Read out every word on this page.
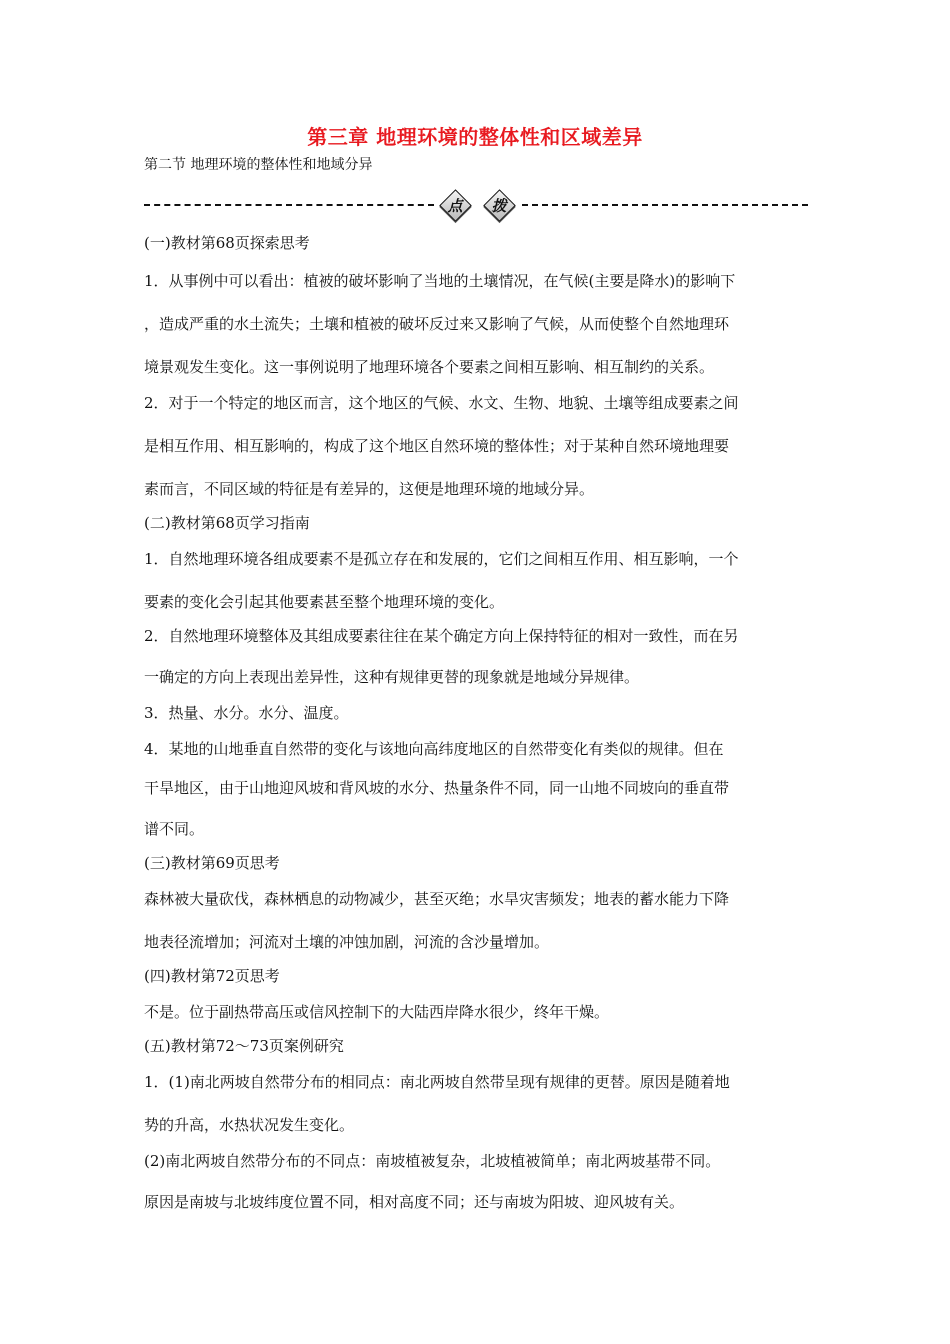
第三章 地理环境的整体性和区域差异
第二节 地理环境的整体性和地域分异
点	拨
(一)教材第68页探索思考
1．从事例中可以看出：植被的破坏影响了当地的土壤情况，在气候(主要是降水)的影响下
，造成严重的水土流失；土壤和植被的破坏反过来又影响了气候，从而使整个自然地理环
境景观发生变化。这一事例说明了地理环境各个要素之间相互影响、相互制约的关系。
2．对于一个特定的地区而言，这个地区的气候、水文、生物、地貌、土壤等组成要素之间
是相互作用、相互影响的，构成了这个地区自然环境的整体性；对于某种自然环境地理要
素而言，不同区域的特征是有差异的，这便是地理环境的地域分异。
(二)教材第68页学习指南
1．自然地理环境各组成要素不是孤立存在和发展的，它们之间相互作用、相互影响，一个
要素的变化会引起其他要素甚至整个地理环境的变化。
2．自然地理环境整体及其组成要素往往在某个确定方向上保持特征的相对一致性，而在另
一确定的方向上表现出差异性，这种有规律更替的现象就是地域分异规律。
3．热量、水分。水分、温度。
4．某地的山地垂直自然带的变化与该地向高纬度地区的自然带变化有类似的规律。但在
干旱地区，由于山地迎风坡和背风坡的水分、热量条件不同，同一山地不同坡向的垂直带
谱不同。
(三)教材第69页思考
森林被大量砍伐，森林栖息的动物减少，甚至灭绝；水旱灾害频发；地表的蓄水能力下降
地表径流增加；河流对土壤的冲蚀加剧，河流的含沙量增加。
(四)教材第72页思考
不是。位于副热带高压或信风控制下的大陆西岸降水很少，终年干燥。
(五)教材第72～73页案例研究
1．(1)南北两坡自然带分布的相同点：南北两坡自然带呈现有规律的更替。原因是随着地
势的升高，水热状况发生变化。
(2)南北两坡自然带分布的不同点：南坡植被复杂，北坡植被简单；南北两坡基带不同。
原因是南坡与北坡纬度位置不同，相对高度不同；还与南坡为阳坡、迎风坡有关。
